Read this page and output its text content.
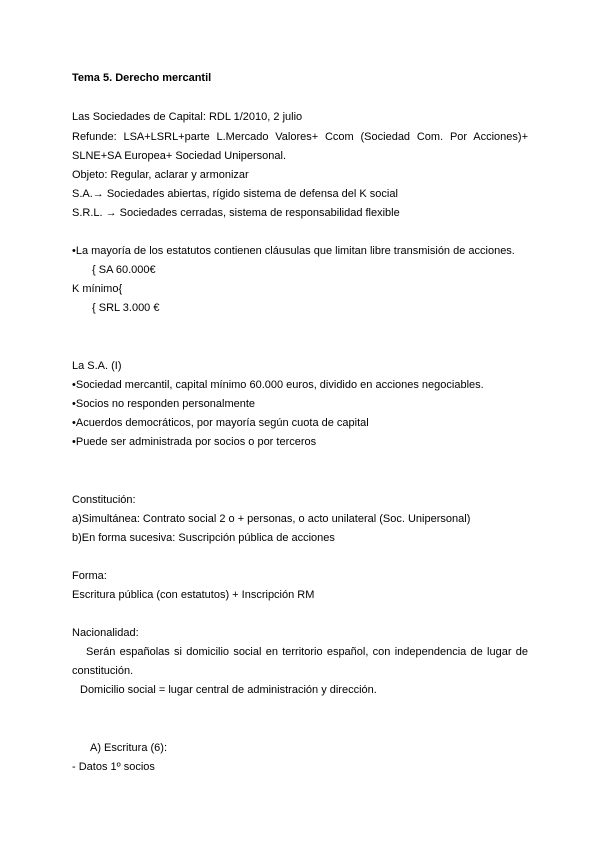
Tema 5. Derecho mercantil
Las Sociedades de Capital: RDL 1/2010, 2 julio
Refunde: LSA+LSRL+parte L.Mercado Valores+ Ccom (Sociedad Com. Por Acciones)+
SLNE+SA Europea+ Sociedad Unipersonal.
Objeto: Regular, aclarar y armonizar
S.A.→ Sociedades abiertas, rígido sistema de defensa del K social
S.R.L. → Sociedades cerradas, sistema de responsabilidad flexible
•La mayoría de los estatutos contienen cláusulas que limitan libre transmisión de acciones.
{ SA 60.000€
K mínimo{
{ SRL 3.000 €
La S.A. (I)
•Sociedad mercantil, capital mínimo 60.000 euros, dividido en acciones negociables.
•Socios no responden personalmente
•Acuerdos democráticos, por mayoría según cuota de capital
•Puede ser administrada por socios o por terceros
Constitución:
a)Simultánea: Contrato social 2 o + personas, o acto unilateral (Soc. Unipersonal)
b)En forma sucesiva: Suscripción pública de acciones
Forma:
Escritura pública (con estatutos) + Inscripción RM
Nacionalidad:
Serán españolas si domicilio social en territorio español, con independencia de lugar de
constitución.
Domicilio social = lugar central de administración y dirección.
A) Escritura (6):
- Datos 1º socios
